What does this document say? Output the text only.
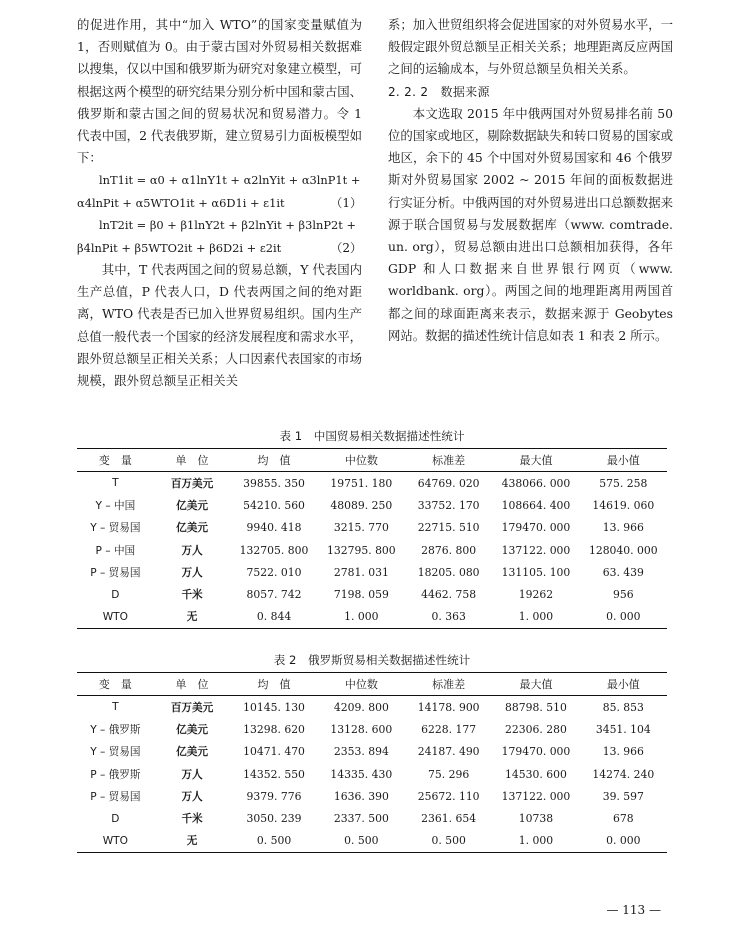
的促进作用，其中“加入 WTO”的国家变量赋值为 1，否则赋值为 0。由于蒙古国对外贸易相关数据难以搜集，仅以中国和俄罗斯为研究对象建立模型，可根据这两个模型的研究结果分别分析中国和蒙古国、俄罗斯和蒙古国之间的贸易状况和贸易潜力。令 1 代表中国，2 代表俄罗斯，建立贸易引力面板模型如下：

lnT1it = α0 + α1lnY1t + α2lnYit + α3lnP1t +
α4lnPit + α5WTO1it + α6D1i + ε1it	（1）
lnT2it = β0 + β1lnY2t + β2lnYit + β3lnP2t +
β4lnPit + β5WTO2it + β6D2i + ε2it	（2）

其中，T 代表两国之间的贸易总额，Y 代表国内生产总值，P 代表人口，D 代表两国之间的绝对距离，WTO 代表是否已加入世界贸易组织。国内生产总值一般代表一个国家的经济发展程度和需求水平，跟外贸总额呈正相关关系；人口因素代表国家的市场规模，跟外贸总额呈正相关关

系；加入世贸组织将会促进国家的对外贸易水平，一般假定跟外贸总额呈正相关关系；地理距离反应两国之间的运输成本，与外贸总额呈负相关关系。

2. 2. 2　数据来源

本文选取 2015 年中俄两国对外贸易排名前 50 位的国家或地区，剔除数据缺失和转口贸易的国家或地区，余下的 45 个中国对外贸易国家和 46 个俄罗斯对外贸易国家 2002 ~ 2015 年间的面板数据进行实证分析。中俄两国的对外贸易进出口总额数据来源于联合国贸易与发展数据库（www. comtrade. un. org），贸易总额由进出口总额相加获得，各年 GDP 和人口数据来自世界银行网页（www. worldbank. org）。两国之间的地理距离用两国首都之间的球面距离来表示，数据来源于 Geobytes 网站。数据的描述性统计信息如表 1 和表 2 所示。

表 1　中国贸易相关数据描述性统计
变　量	单　位	均　值	中位数	标准差	最大值	最小值
T	百万美元	39855. 350	19751. 180	64769. 020	438066. 000	575. 258
Y – 中国	亿美元	54210. 560	48089. 250	33752. 170	108664. 400	14619. 060
Y – 贸易国	亿美元	9940. 418	3215. 770	22715. 510	179470. 000	13. 966
P – 中国	万人	132705. 800	132795. 800	2876. 800	137122. 000	128040. 000
P – 贸易国	万人	7522. 010	2781. 031	18205. 080	131105. 100	63. 439
D	千米	8057. 742	7198. 059	4462. 758	19262	956
WTO	无	0. 844	1. 000	0. 363	1. 000	0. 000
表 2　俄罗斯贸易相关数据描述性统计
变　量	单　位	均　值	中位数	标准差	最大值	最小值
T	百万美元	10145. 130	4209. 800	14178. 900	88798. 510	85. 853
Y – 俄罗斯	亿美元	13298. 620	13128. 600	6228. 177	22306. 280	3451. 104
Y – 贸易国	亿美元	10471. 470	2353. 894	24187. 490	179470. 000	13. 966
P – 俄罗斯	万人	14352. 550	14335. 430	75. 296	14530. 600	14274. 240
P – 贸易国	万人	9379. 776	1636. 390	25672. 110	137122. 000	39. 597
D	千米	3050. 239	2337. 500	2361. 654	10738	678
WTO	无	0. 500	0. 500	0. 500	1. 000	0. 000
— 113 —
